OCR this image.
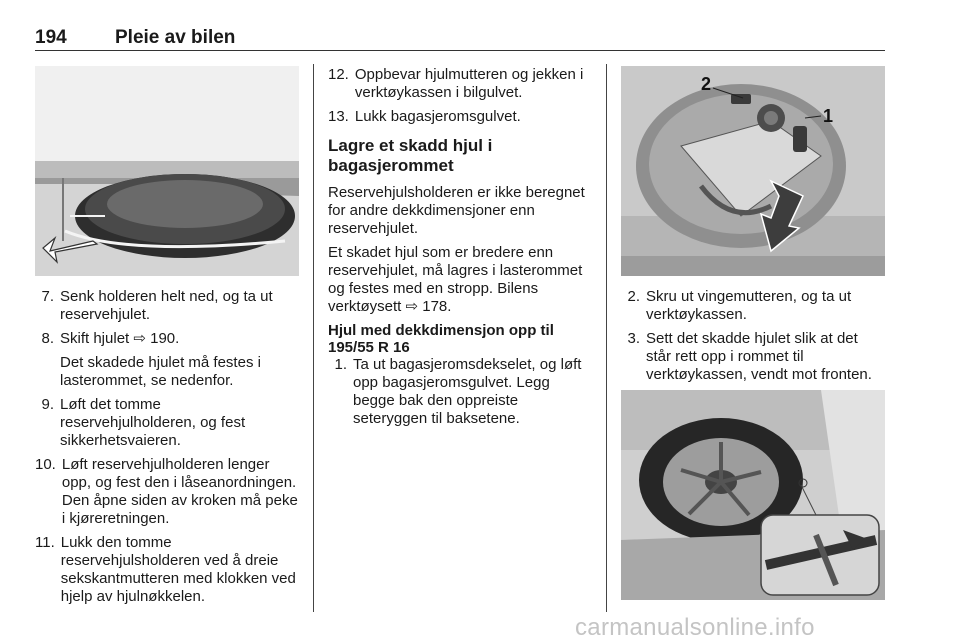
194	Pleie av bilen
7. Senk holderen helt ned, og ta ut reservehjulet.
8. Skift hjulet ⇨ 190.
Det skadede hjulet må festes i lasterommet, se nedenfor.
9. Løft det tomme reservehjulholderen, og fest sikkerhetsvaieren.
10. Løft reservehjulholderen lenger opp, og fest den i låseanordningen. Den åpne siden av kroken må peke i kjøreretningen.
11. Lukk den tomme reservehjulsholderen ved å dreie sekskantmutteren med klokken ved hjelp av hjulnøkkelen.
12. Oppbevar hjulmutteren og jekken i verktøykassen i bilgulvet.
13. Lukk bagasjeromsgulvet.
Lagre et skadd hjul i bagasjerommet
Reservehjulsholderen er ikke beregnet for andre dekkdimensjoner enn reservehjulet.
Et skadet hjul som er bredere enn reservehjulet, må lagres i lasterommet og festes med en stropp. Bilens verktøysett ⇨ 178.
Hjul med dekkdimensjon opp til 195/55 R 16
1. Ta ut bagasjeromsdekselet, og løft opp bagasjeromsgulvet. Legg begge bak den oppreiste seteryggen til baksetene.
2
1
2. Skru ut vingemutteren, og ta ut verktøykassen.
3. Sett det skadde hjulet slik at det står rett opp i rommet til verktøykassen, vendt mot fronten.
carmanualsonline.info
